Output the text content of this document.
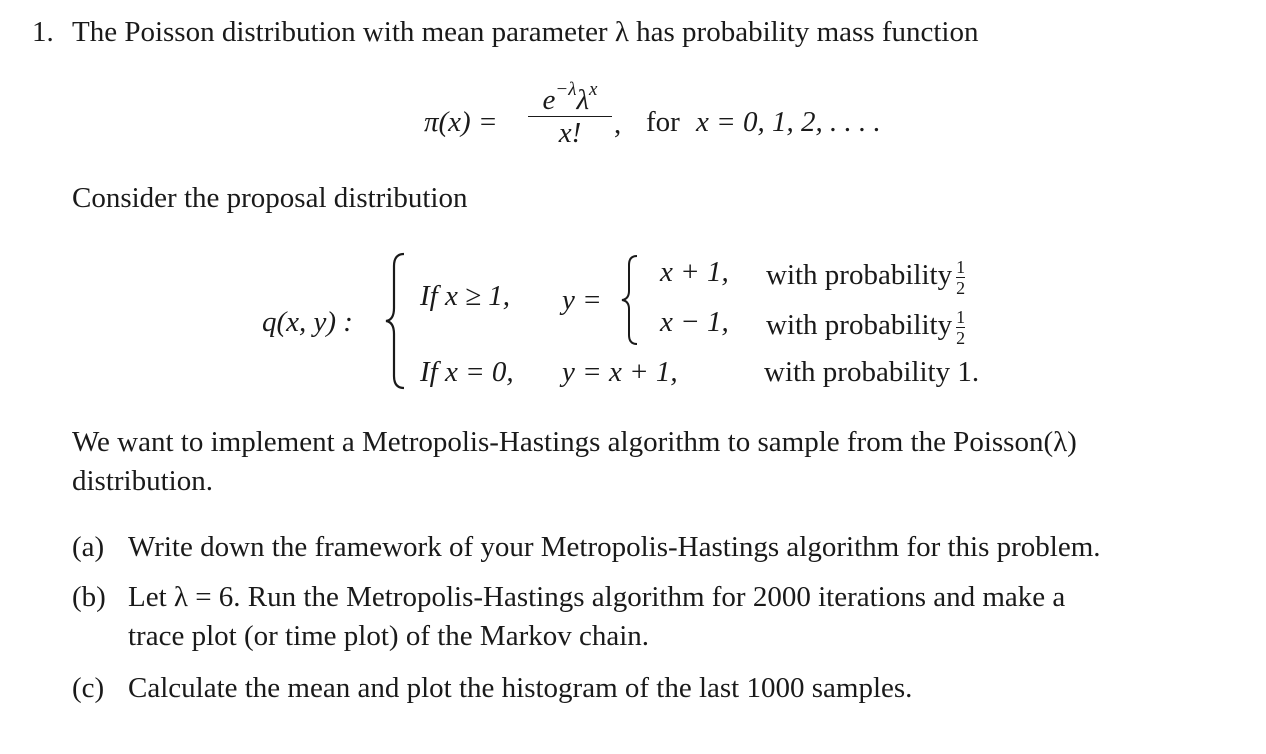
1. The Poisson distribution with mean parameter λ has probability mass function
$\pi(x) = \frac{e^{-\lambda}\lambda^x}{x!}$ , for x = 0, 1, 2, . . . .
Consider the proposal distribution
q(x, y) :
If x ≥ 1, y =
x + 1, with probability $\frac{1}{2}$
x − 1, with probability $\frac{1}{2}$
If x = 0, y = x + 1,	with probability 1.
We want to implement a Metropolis-Hastings algorithm to sample from the Poisson(λ)
distribution.
(a) Write down the framework of your Metropolis-Hastings algorithm for this problem.
(b) Let λ = 6. Run the Metropolis-Hastings algorithm for 2000 iterations and make a
trace plot (or time plot) of the Markov chain.
(c) Calculate the mean and plot the histogram of the last 1000 samples.
